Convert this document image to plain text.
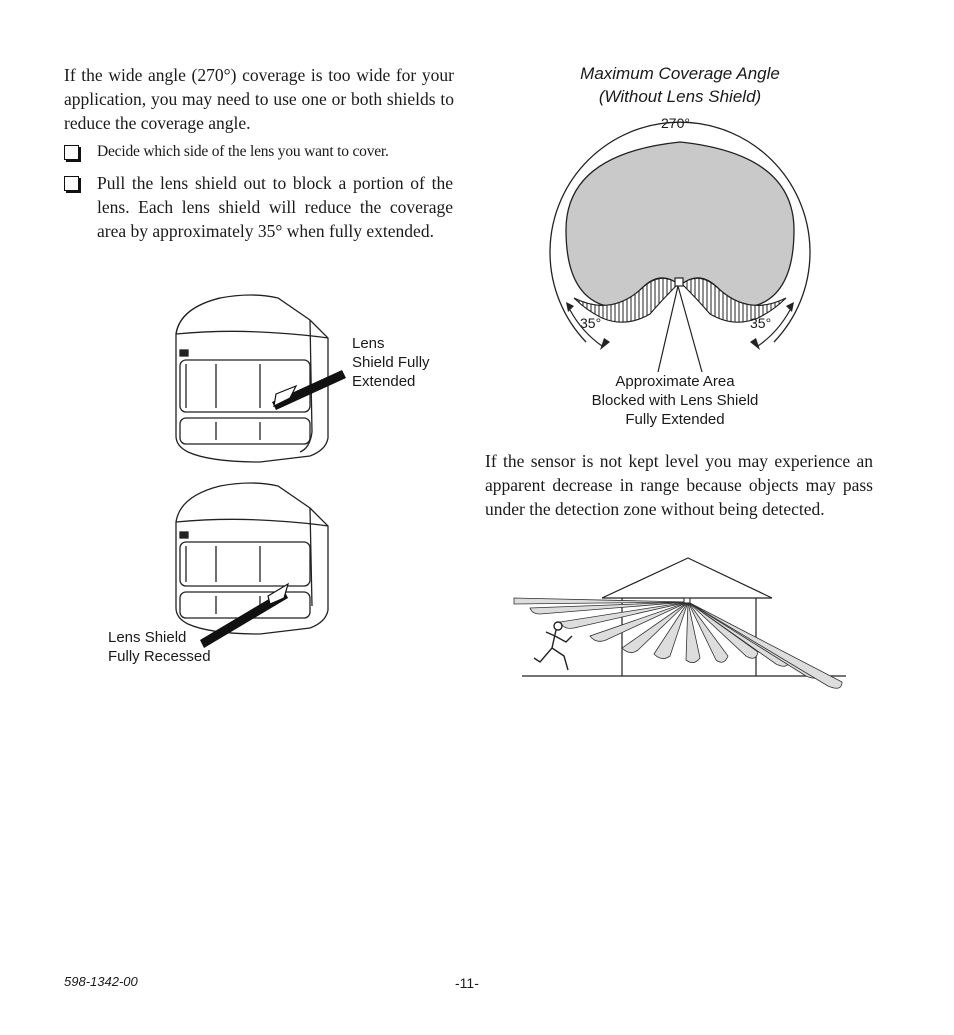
If the wide angle (270°) coverage is too wide for your application, you may need to use one or both shields to reduce the coverage angle.
Decide which side of the lens you want to cover.
Pull the lens shield out to block a portion of the lens. Each lens shield will reduce the coverage area by approximately 35° when fully extended.
Lens
Shield Fully
Extended
Lens Shield
Fully Recessed
Maximum Coverage Angle
(Without Lens Shield)
270°
35°	35°
Approximate Area
Blocked with Lens Shield
Fully Extended
If the sensor is not kept level you may experience an apparent decrease in range because objects may pass under the detection zone without being detected.
598-1342-00	-11-
